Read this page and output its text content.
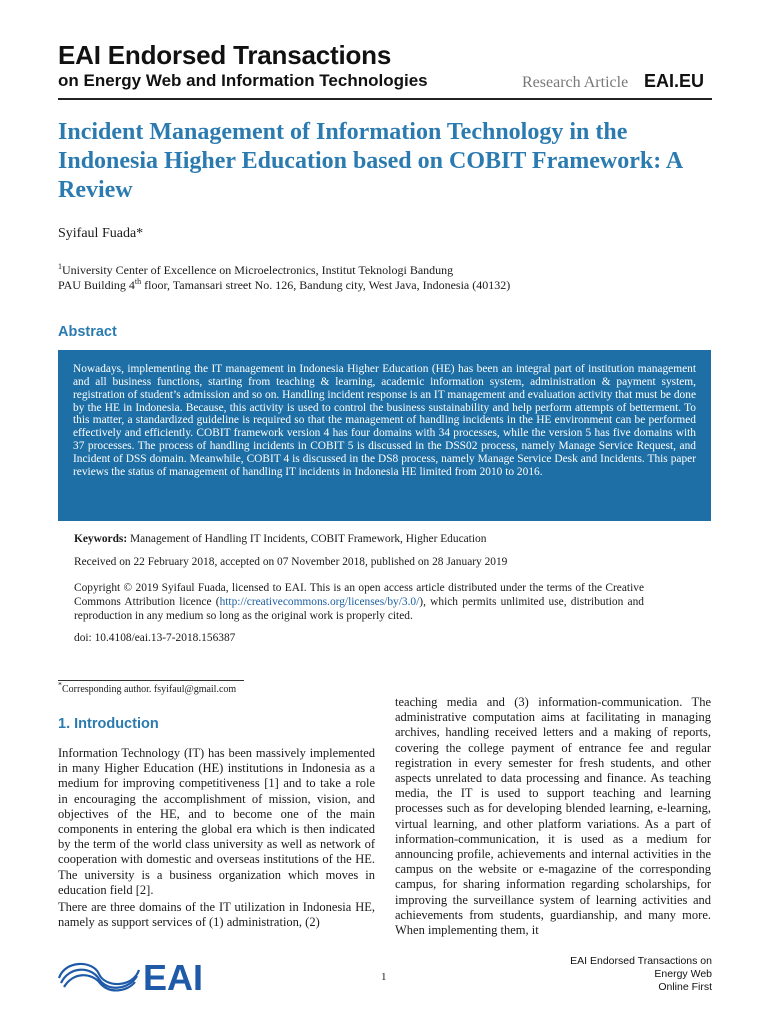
EAI Endorsed Transactions
on Energy Web and Information Technologies	Research Article EAI.EU
Incident Management of Information Technology in the Indonesia Higher Education based on COBIT Framework: A Review
Syifaul Fuada*
$^1$University Center of Excellence on Microelectronics, Institut Teknologi Bandung
PAU Building 4th floor, Tamansari street No. 126, Bandung city, West Java, Indonesia (40132)
Abstract

Nowadays, implementing the IT management in Indonesia Higher Education (HE) has been an integral part of institution management and all business functions, starting from teaching & learning, academic information system, administration & payment system, registration of student’s admission and so on. Handling incident response is an IT management and evaluation activity that must be done by the HE in Indonesia. Because, this activity is used to control the business sustainability and help perform attempts of betterment. To this matter, a standardized guideline is required so that the management of handling incidents in the HE environment can be performed effectively and efficiently. COBIT framework version 4 has four domains with 34 processes, while the version 5 has five domains with 37 processes. The process of handling incidents in COBIT 5 is discussed in the DSS02 process, namely Manage Service Request, and Incident of DSS domain. Meanwhile, COBIT 4 is discussed in the DS8 process, namely Manage Service Desk and Incidents. This paper reviews the status of management of handling IT incidents in Indonesia HE limited from 2010 to 2016.

Keywords: Management of Handling IT Incidents, COBIT Framework, Higher Education
Received on 22 February 2018, accepted on 07 November 2018, published on 28 January 2019
Copyright © 2019 Syifaul Fuada, licensed to EAI. This is an open access article distributed under the terms of the Creative Commons Attribution licence (http://creativecommons.org/licenses/by/3.0/), which permits unlimited use, distribution and reproduction in any medium so long as the original work is properly cited.
doi: 10.4108/eai.13-7-2018.156387
*Corresponding author. fsyifaul@gmail.com
1. Introduction

Information Technology (IT) has been massively implemented in many Higher Education (HE) institutions in Indonesia as a medium for improving competitiveness [1] and to take a role in encouraging the accomplishment of mission, vision, and objectives of the HE, and to become one of the main components in entering the global era which is then indicated by the term of the world class university as well as network of cooperation with domestic and overseas institutions of the HE. The university is a business organization which moves in education field [2].

There are three domains of the IT utilization in Indonesia HE, namely as support services of (1) administration, (2)

teaching media and (3) information-communication. The administrative computation aims at facilitating in managing archives, handling received letters and a making of reports, covering the college payment of entrance fee and regular registration in every semester for fresh students, and other aspects unrelated to data processing and finance. As teaching media, the IT is used to support teaching and learning processes such as for developing blended learning, e-learning, virtual learning, and other platform variations. As a part of information-communication, it is used as a medium for announcing profile, achievements and internal activities in the campus on the website or e-magazine of the corresponding campus, for sharing information regarding scholarships, for improving the surveillance system of learning activities and achievements from students, guardianship, and many more. When implementing them, it

EAI	1
EAI Endorsed Transactions on
Energy Web
Online First
